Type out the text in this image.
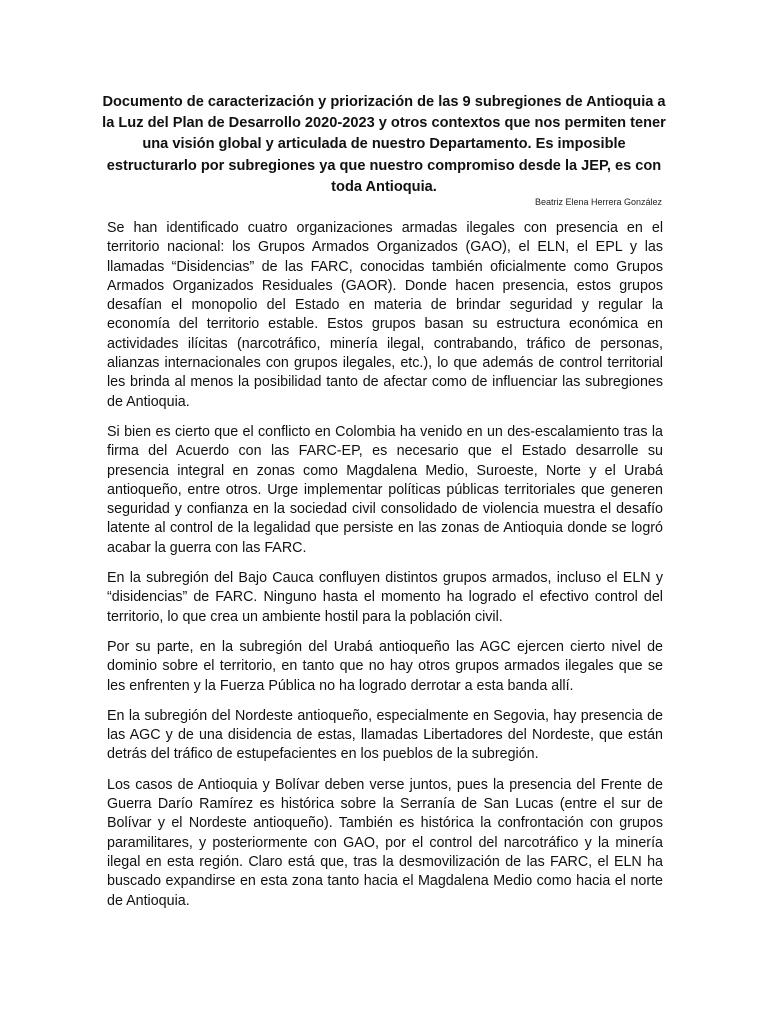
Documento de caracterización y priorización de las 9 subregiones de Antioquia a la Luz del Plan de Desarrollo 2020-2023 y otros contextos que nos permiten tener una visión global y articulada de nuestro Departamento. Es imposible estructurarlo por subregiones ya que nuestro compromiso desde la JEP, es con toda Antioquia.
Beatriz Elena Herrera González

Se han identificado cuatro organizaciones armadas ilegales con presencia en el territorio nacional: los Grupos Armados Organizados (GAO), el ELN, el EPL y las llamadas “Disidencias” de las FARC, conocidas también oficialmente como Grupos Armados Organizados Residuales (GAOR). Donde hacen presencia, estos grupos desafían el monopolio del Estado en materia de brindar seguridad y regular la economía del territorio estable. Estos grupos basan su estructura económica en actividades ilícitas (narcotráfico, minería ilegal, contrabando, tráfico de personas, alianzas internacionales con grupos ilegales, etc.), lo que además de control territorial les brinda al menos la posibilidad tanto de afectar como de influenciar las subregiones de Antioquia.

Si bien es cierto que el conflicto en Colombia ha venido en un des-escalamiento tras la firma del Acuerdo con las FARC-EP, es necesario que el Estado desarrolle su presencia integral en zonas como Magdalena Medio, Suroeste, Norte y el Urabá antioqueño, entre otros. Urge implementar políticas públicas territoriales que generen seguridad y confianza en la sociedad civil consolidado de violencia muestra el desafío latente al control de la legalidad que persiste en las zonas de Antioquia donde se logró acabar la guerra con las FARC.

En la subregión del Bajo Cauca confluyen distintos grupos armados, incluso el ELN y “disidencias” de FARC. Ninguno hasta el momento ha logrado el efectivo control del territorio, lo que crea un ambiente hostil para la población civil.

Por su parte, en la subregión del Urabá antioqueño las AGC ejercen cierto nivel de dominio sobre el territorio, en tanto que no hay otros grupos armados ilegales que se les enfrenten y la Fuerza Pública no ha logrado derrotar a esta banda allí.

En la subregión del Nordeste antioqueño, especialmente en Segovia, hay presencia de las AGC y de una disidencia de estas, llamadas Libertadores del Nordeste, que están detrás del tráfico de estupefacientes en los pueblos de la subregión.

Los casos de Antioquia y Bolívar deben verse juntos, pues la presencia del Frente de Guerra Darío Ramírez es histórica sobre la Serranía de San Lucas (entre el sur de Bolívar y el Nordeste antioqueño). También es histórica la confrontación con grupos paramilitares, y posteriormente con GAO, por el control del narcotráfico y la minería ilegal en esta región. Claro está que, tras la desmovilización de las FARC, el ELN ha buscado expandirse en esta zona tanto hacia el Magdalena Medio como hacia el norte de Antioquia.
